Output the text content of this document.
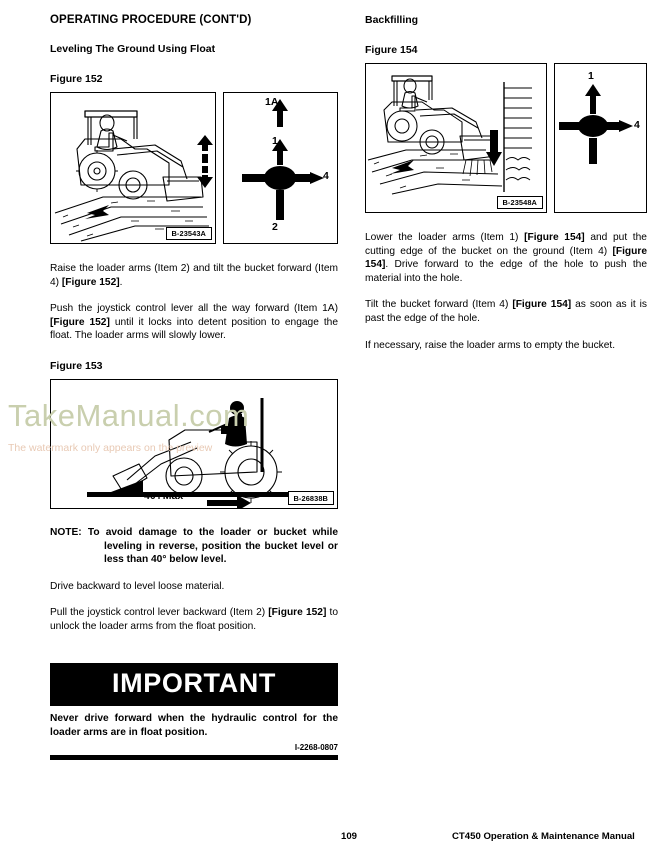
OPERATING PROCEDURE (CONT'D)
Leveling The Ground Using Float
Figure 152
B-23543A
1A
1
4
2

Raise the loader arms (Item 2) and tilt the bucket forward (Item 4) [Figure 152].

Push the joystick control lever all the way forward (Item 1A) [Figure 152] until it locks into detent position to engage the float. The loader arms will slowly lower.

Figure 153
40° Max	B-26838B

NOTE: To avoid damage to the loader or bucket while leveling in reverse, position the bucket level or less than 40° below level.

Drive backward to level loose material.

Pull the joystick control lever backward (Item 2) [Figure 152] to unlock the loader arms from the float position.

Backfilling
Figure 154
B-23548A
1
4

Lower the loader arms (Item 1) [Figure 154] and put the cutting edge of the bucket on the ground (Item 4) [Figure 154]. Drive forward to the edge of the hole to push the material into the hole.

Tilt the bucket forward (Item 4) [Figure 154] as soon as it is past the edge of the hole.

If necessary, raise the loader arms to empty the bucket.

IMPORTANT
Never drive forward when the hydraulic control for the loader arms are in float position.
I-2268-0807
TakeManual.com
The watermark only appears on the preview
109	CT450 Operation & Maintenance Manual
